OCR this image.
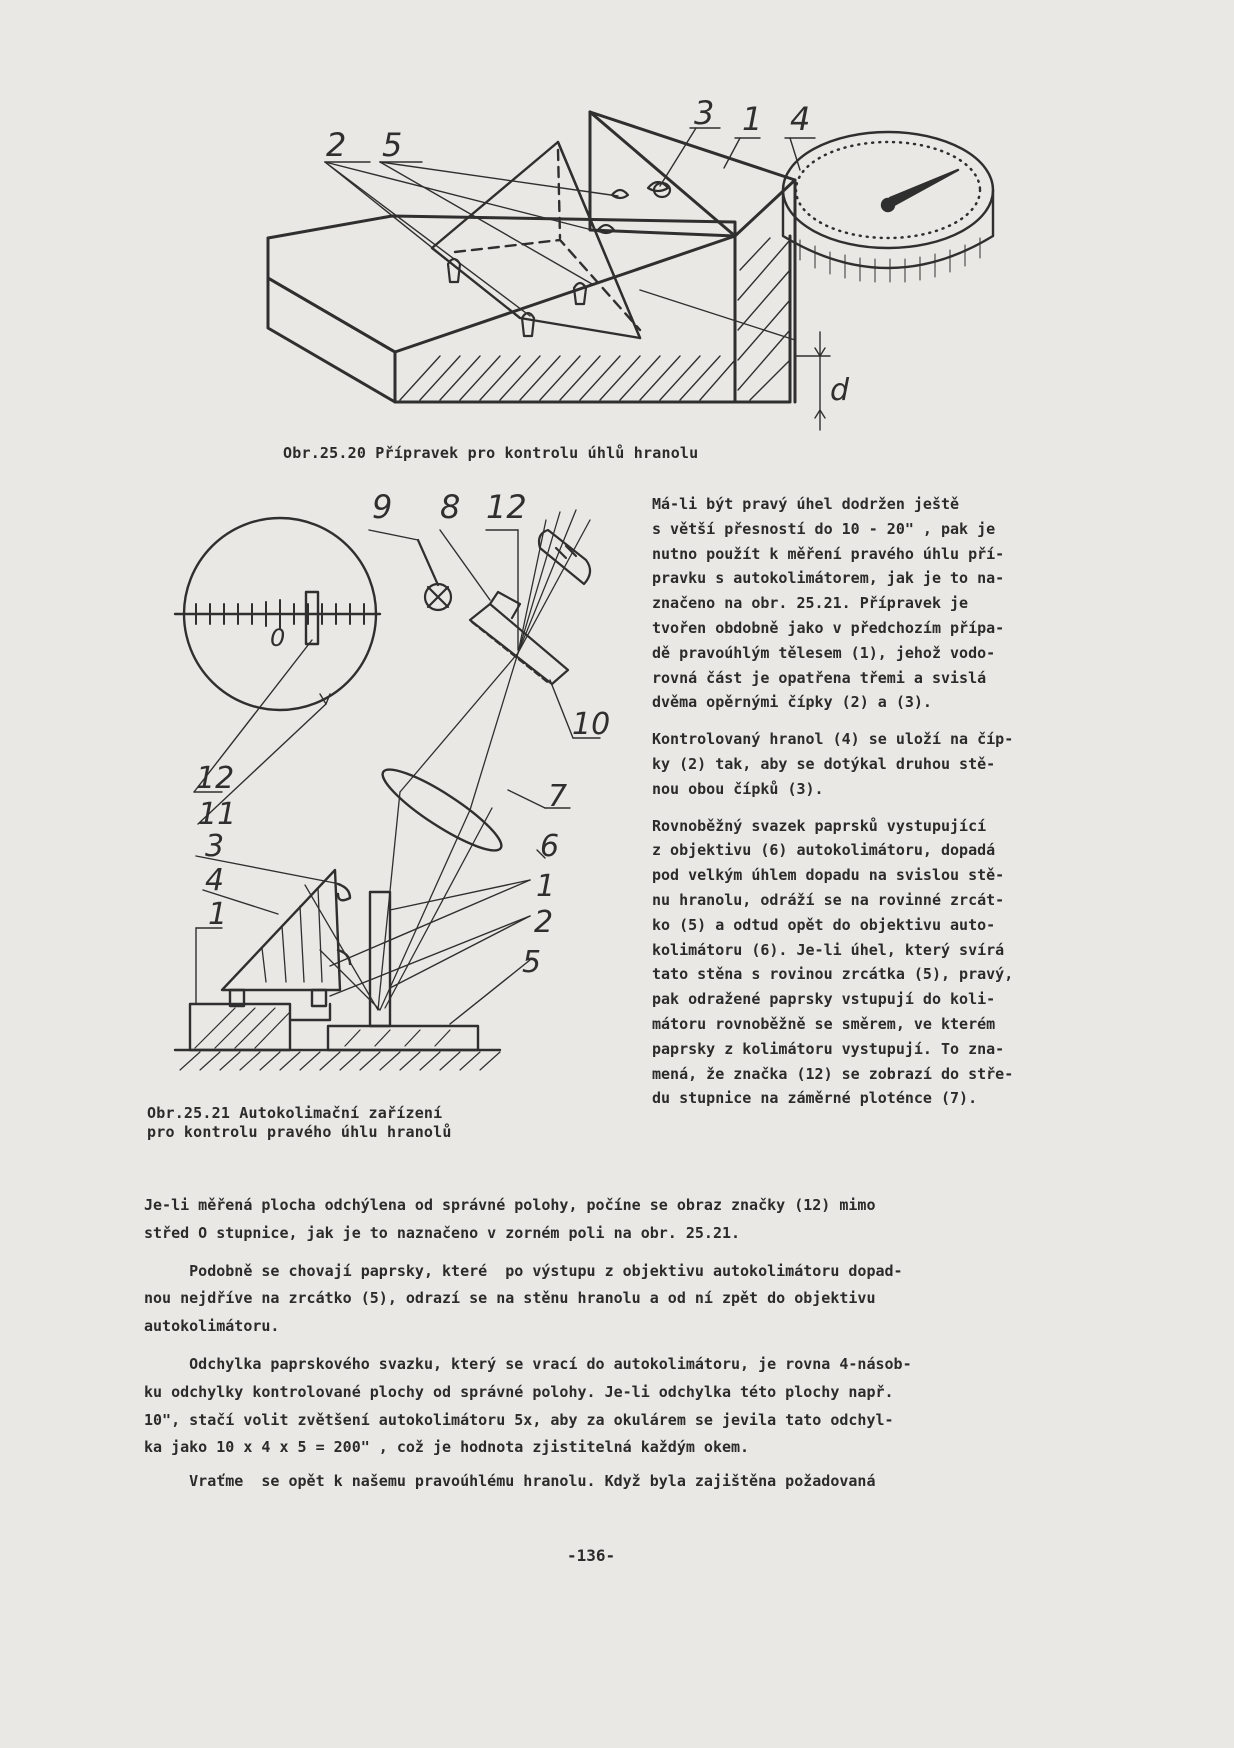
2 5
3 1 4
d
Obr.25.20 Přípravek pro kontrolu úhlů hranolu
9 8 12
10
7
6
1
2
5
12
11
3
4
1
0
Obr.25.21 Autokolimační zařízení
pro kontrolu pravého úhlu hranolů
Má-li být pravý úhel dodržen ještě
s větší přesností do 10 - 20" , pak je
nutno použít k měření pravého úhlu pří-
pravku s autokolimátorem, jak je to na-
značeno na obr. 25.21. Přípravek je
tvořen obdobně jako v předchozím přípa-
dě pravoúhlým tělesem (1), jehož vodo-
rovná část je opatřena třemi a svislá
dvěma opěrnými čípky (2) a (3).
Kontrolovaný hranol (4) se uloží na číp-
ky (2) tak, aby se dotýkal druhou stě-
nou obou čípků (3).
Rovnoběžný svazek paprsků vystupující
z objektivu (6) autokolimátoru, dopadá
pod velkým úhlem dopadu na svislou stě-
nu hranolu, odráží se na rovinné zrcát-
ko (5) a odtud opět do objektivu auto-
kolimátoru (6). Je-li úhel, který svírá
tato stěna s rovinou zrcátka (5), pravý,
pak odražené paprsky vstupují do koli-
mátoru rovnoběžně se směrem, ve kterém
paprsky z kolimátoru vystupují. To zna-
mená, že značka (12) se zobrazí do stře-
du stupnice na záměrné ploténce (7).
Je-li měřená plocha odchýlena od správné polohy, počíne se obraz značky (12) mimo
střed O stupnice, jak je to naznačeno v zorném poli na obr. 25.21.
Podobně se chovají paprsky, které  po výstupu z objektivu autokolimátoru dopad-
nou nejdříve na zrcátko (5), odrazí se na stěnu hranolu a od ní zpět do objektivu
autokolimátoru.
Odchylka paprskového svazku, který se vrací do autokolimátoru, je rovna 4-násob-
ku odchylky kontrolované plochy od správné polohy. Je-li odchylka této plochy např.
10", stačí volit zvětšení autokolimátoru 5x, aby za okulárem se jevila tato odchyl-
ka jako 10 x 4 x 5 = 200" , což je hodnota zjistitelná každým okem.
Vraťme  se opět k našemu pravoúhlému hranolu. Když byla zajištěna požadovaná
-136-
